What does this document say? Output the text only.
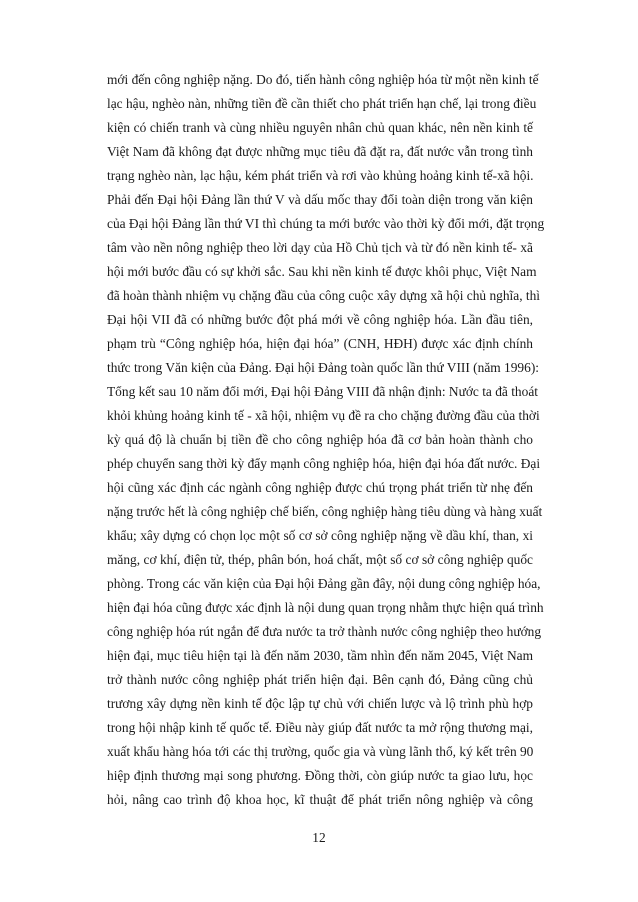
mới đến công nghiệp nặng. Do đó, tiến hành công nghiệp hóa từ một nền kinh tế
lạc hậu, nghèo nàn, những tiền đề cần thiết cho phát triển hạn chế, lại trong điều
kiện có chiến tranh và cùng nhiều nguyên nhân chủ quan khác, nên nền kinh tế
Việt Nam đã không đạt được những mục tiêu đã đặt ra, đất nước vẫn trong tình
trạng nghèo nàn, lạc hậu, kém phát triển và rơi vào khủng hoảng kinh tế-xã hội.
Phải đến Đại hội Đảng lần thứ V và dấu mốc thay đổi toàn diện trong văn kiện
của Đại hội Đảng lần thứ VI thì chúng ta mới bước vào thời kỳ đổi mới, đặt trọng
tâm vào nền nông nghiệp theo lời dạy của Hồ Chủ tịch và từ đó nền kinh tế- xã
hội mới bước đầu có sự khởi sắc. Sau khi nền kinh tế được khôi phục, Việt Nam
đã hoàn thành nhiệm vụ chặng đầu của công cuộc xây dựng xã hội chủ nghĩa, thì
Đại hội VII đã có những bước đột phá mới về công nghiệp hóa. Lần đầu tiên,
phạm trù “Công nghiệp hóa, hiện đại hóa” (CNH, HĐH) được xác định chính
thức trong Văn kiện của Đảng. Đại hội Đảng toàn quốc lần thứ VIII (năm 1996):
Tổng kết sau 10 năm đổi mới, Đại hội Đảng VIII đã nhận định: Nước ta đã thoát
khỏi khủng hoảng kinh tế - xã hội, nhiệm vụ đề ra cho chặng đường đầu của thời
kỳ quá độ là chuẩn bị tiền đề cho công nghiệp hóa đã cơ bản hoàn thành cho
phép chuyển sang thời kỳ đẩy mạnh công nghiệp hóa, hiện đại hóa đất nước. Đại
hội cũng xác định các ngành công nghiệp được chú trọng phát triển từ nhẹ đến
nặng trước hết là công nghiệp chế biến, công nghiệp hàng tiêu dùng và hàng xuất
khẩu; xây dựng có chọn lọc một số cơ sở công nghiệp nặng về dầu khí, than, xi
măng, cơ khí, điện tử, thép, phân bón, hoá chất, một số cơ sở công nghiệp quốc
phòng. Trong các văn kiện của Đại hội Đảng gần đây, nội dung công nghiệp hóa,
hiện đại hóa cũng được xác định là nội dung quan trọng nhằm thực hiện quá trình
công nghiệp hóa rút ngắn để đưa nước ta trở thành nước công nghiệp theo hướng
hiện đại, mục tiêu hiện tại là đến năm 2030, tầm nhìn đến năm 2045, Việt Nam
trở thành nước công nghiệp phát triển hiện đại. Bên cạnh đó, Đảng cũng chủ
trương xây dựng nền kinh tế độc lập tự chủ với chiến lược và lộ trình phù hợp
trong hội nhập kinh tế quốc tế. Điều này giúp đất nước ta mở rộng thương mại,
xuất khẩu hàng hóa tới các thị trường, quốc gia và vùng lãnh thổ, ký kết trên 90
hiệp định thương mại song phương. Đồng thời, còn giúp nước ta giao lưu, học
hỏi, nâng cao trình độ khoa học, kĩ thuật để phát triển nông nghiệp và công
12
